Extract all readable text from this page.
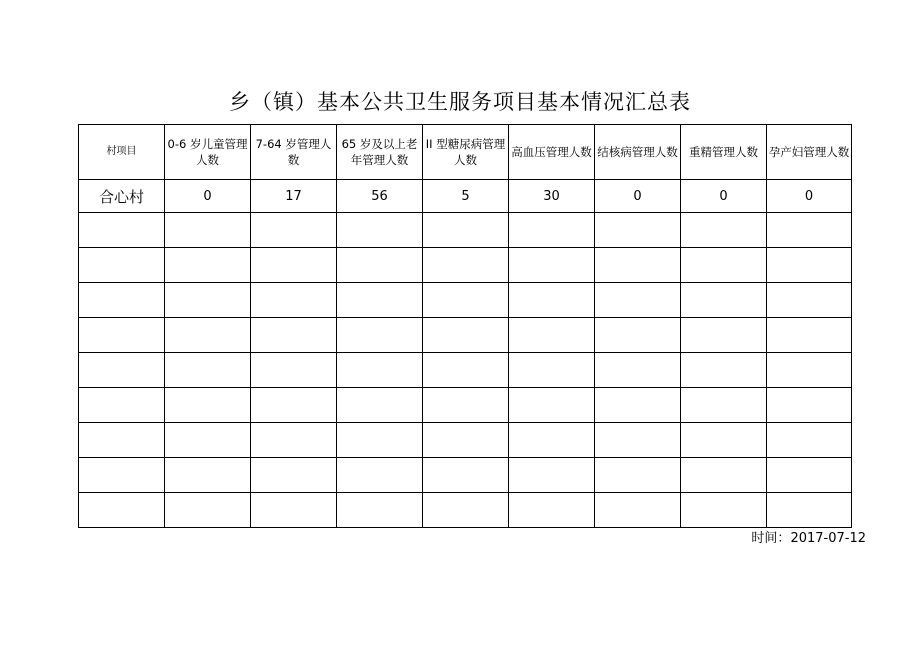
乡（镇）基本公共卫生服务项目基本情况汇总表
村项目	0-6 岁儿童管理人数	7-64 岁管理人数	65 岁及以上老年管理人数	II 型糖尿病管理人数	高血压管理人数	结核病管理人数	重精管理人数	孕产妇管理人数
合心村	0	17	56	5	30	0	0	0

时间：2017-07-12
